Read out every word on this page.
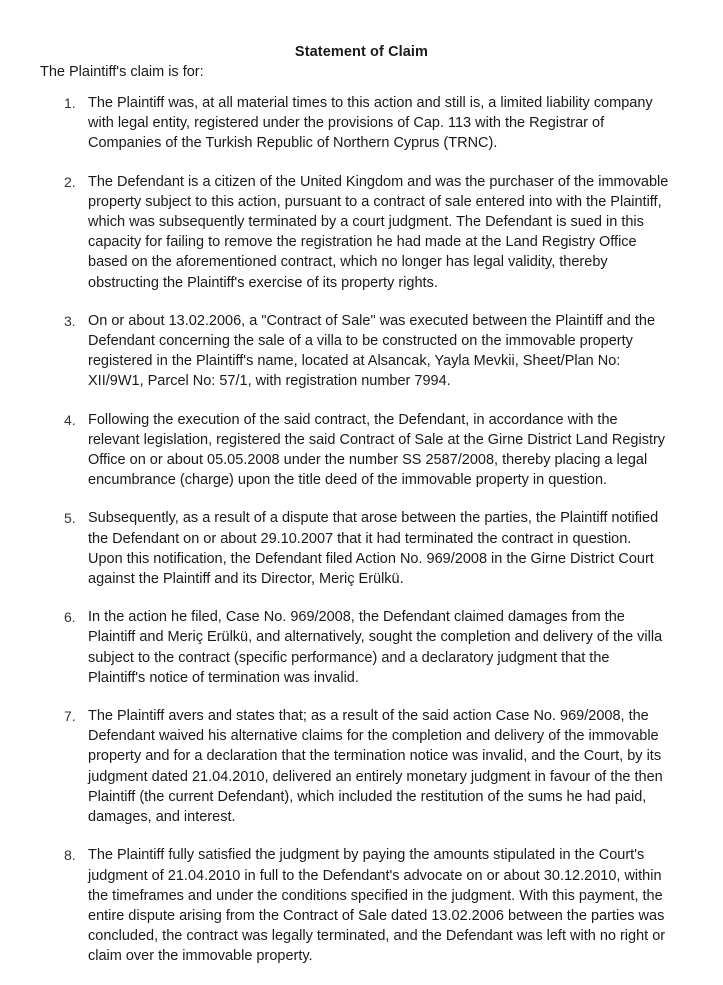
Statement of Claim
The Plaintiff's claim is for:
1. The Plaintiff was, at all material times to this action and still is, a limited liability company with legal entity, registered under the provisions of Cap. 113 with the Registrar of Companies of the Turkish Republic of Northern Cyprus (TRNC).
2. The Defendant is a citizen of the United Kingdom and was the purchaser of the immovable property subject to this action, pursuant to a contract of sale entered into with the Plaintiff, which was subsequently terminated by a court judgment. The Defendant is sued in this capacity for failing to remove the registration he had made at the Land Registry Office based on the aforementioned contract, which no longer has legal validity, thereby obstructing the Plaintiff's exercise of its property rights.
3. On or about 13.02.2006, a "Contract of Sale" was executed between the Plaintiff and the Defendant concerning the sale of a villa to be constructed on the immovable property registered in the Plaintiff's name, located at Alsancak, Yayla Mevkii, Sheet/Plan No: XII/9W1, Parcel No: 57/1, with registration number 7994.
4. Following the execution of the said contract, the Defendant, in accordance with the relevant legislation, registered the said Contract of Sale at the Girne District Land Registry Office on or about 05.05.2008 under the number SS 2587/2008, thereby placing a legal encumbrance (charge) upon the title deed of the immovable property in question.
5. Subsequently, as a result of a dispute that arose between the parties, the Plaintiff notified the Defendant on or about 29.10.2007 that it had terminated the contract in question. Upon this notification, the Defendant filed Action No. 969/2008 in the Girne District Court against the Plaintiff and its Director, Meriç Erülkü.
6. In the action he filed, Case No. 969/2008, the Defendant claimed damages from the Plaintiff and Meriç Erülkü, and alternatively, sought the completion and delivery of the villa subject to the contract (specific performance) and a declaratory judgment that the Plaintiff's notice of termination was invalid.
7. The Plaintiff avers and states that; as a result of the said action Case No. 969/2008, the Defendant waived his alternative claims for the completion and delivery of the immovable property and for a declaration that the termination notice was invalid, and the Court, by its judgment dated 21.04.2010, delivered an entirely monetary judgment in favour of the then Plaintiff (the current Defendant), which included the restitution of the sums he had paid, damages, and interest.
8. The Plaintiff fully satisfied the judgment by paying the amounts stipulated in the Court's judgment of 21.04.2010 in full to the Defendant's advocate on or about 30.12.2010, within the timeframes and under the conditions specified in the judgment. With this payment, the entire dispute arising from the Contract of Sale dated 13.02.2006 between the parties was concluded, the contract was legally terminated, and the Defendant was left with no right or claim over the immovable property.
